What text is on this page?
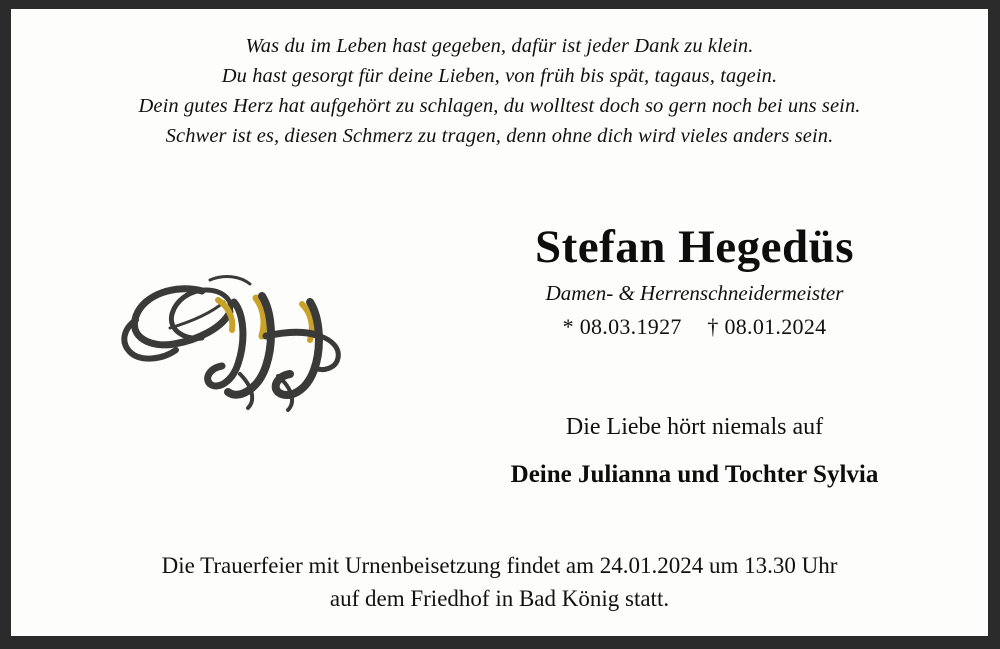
Was du im Leben hast gegeben, dafür ist jeder Dank zu klein.
Du hast gesorgt für deine Lieben, von früh bis spät, tagaus, tagein.
Dein gutes Herz hat aufgehört zu schlagen, du wolltest doch so gern noch bei uns sein.
Schwer ist es, diesen Schmerz zu tragen, denn ohne dich wird vieles anders sein.
Stefan Hegedüs
Damen- & Herrenschneidermeister
* 08.03.1927 † 08.01.2024
Die Liebe hört niemals auf
Deine Julianna und Tochter Sylvia
Die Trauerfeier mit Urnenbeisetzung findet am 24.01.2024 um 13.30 Uhr
auf dem Friedhof in Bad König statt.
